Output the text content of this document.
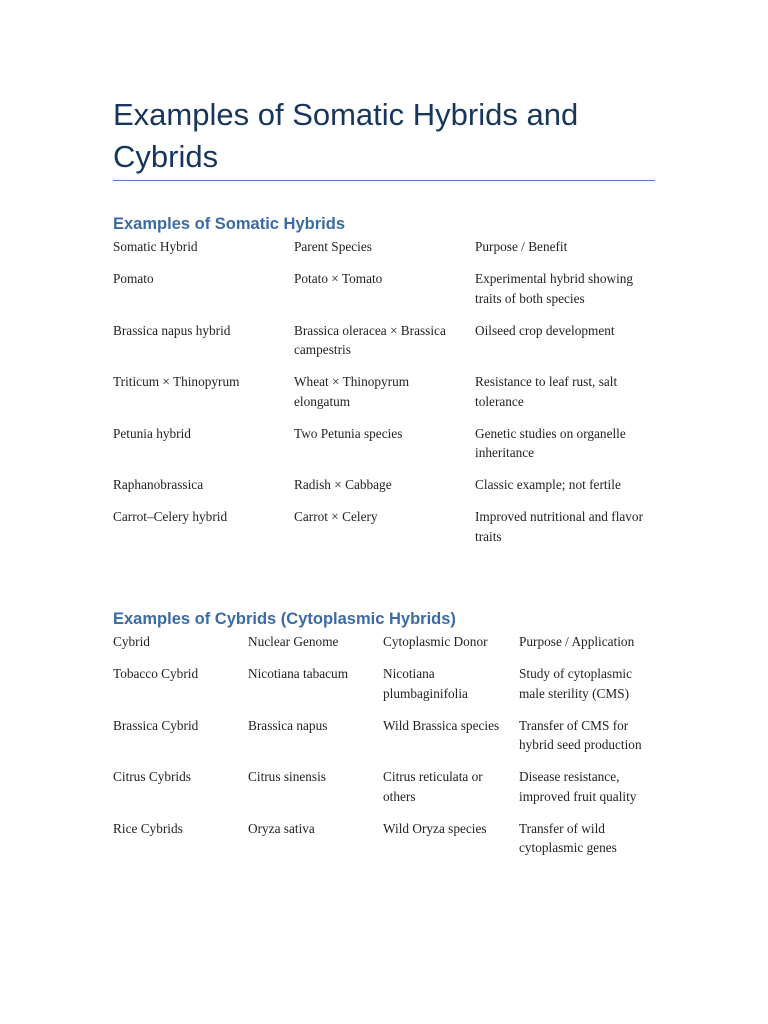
Examples of Somatic Hybrids and Cybrids
Examples of Somatic Hybrids
Somatic Hybrid	Parent Species	Purpose / Benefit
Pomato	Potato × Tomato	Experimental hybrid showing traits of both species
Brassica napus hybrid	Brassica oleracea × Brassica campestris	Oilseed crop development
Triticum × Thinopyrum	Wheat × Thinopyrum elongatum	Resistance to leaf rust, salt tolerance
Petunia hybrid	Two Petunia species	Genetic studies on organelle inheritance
Raphanobrassica	Radish × Cabbage	Classic example; not fertile
Carrot–Celery hybrid	Carrot × Celery	Improved nutritional and flavor traits
Examples of Cybrids (Cytoplasmic Hybrids)
Cybrid	Nuclear Genome	Cytoplasmic Donor	Purpose / Application
Tobacco Cybrid	Nicotiana tabacum	Nicotiana plumbaginifolia	Study of cytoplasmic male sterility (CMS)
Brassica Cybrid	Brassica napus	Wild Brassica species	Transfer of CMS for hybrid seed production
Citrus Cybrids	Citrus sinensis	Citrus reticulata or others	Disease resistance, improved fruit quality
Rice Cybrids	Oryza sativa	Wild Oryza species	Transfer of wild cytoplasmic genes
